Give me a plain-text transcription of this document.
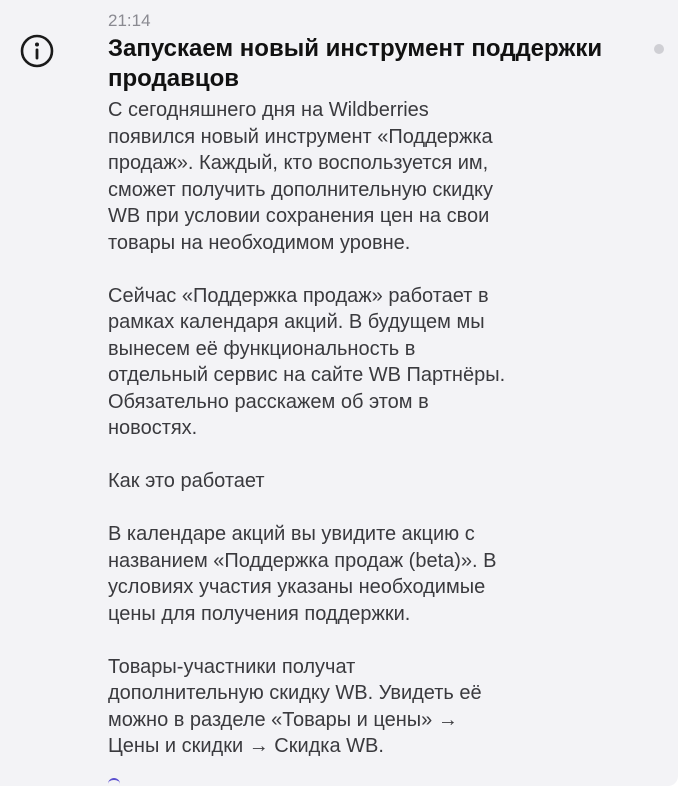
21:14
Запускаем новый инструмент поддержки продавцов

С сегодняшнего дня на Wildberries
появился новый инструмент «Поддержка
продаж». Каждый, кто воспользуется им,
сможет получить дополнительную скидку
WB при условии сохранения цен на свои
товары на необходимом уровне.

Сейчас «Поддержка продаж» работает в
рамках календаря акций. В будущем мы
вынесем её функциональность в
отдельный сервис на сайте WB Партнёры.
Обязательно расскажем об этом в
новостях.

Как это работает

В календаре акций вы увидите акцию с
названием «Поддержка продаж (beta)». В
условиях участия указаны необходимые
цены для получения поддержки.

Товары-участники получат
дополнительную скидку WB. Увидеть её
можно в разделе «Товары и цены» →
Цены и скидки → Скидка WB.
